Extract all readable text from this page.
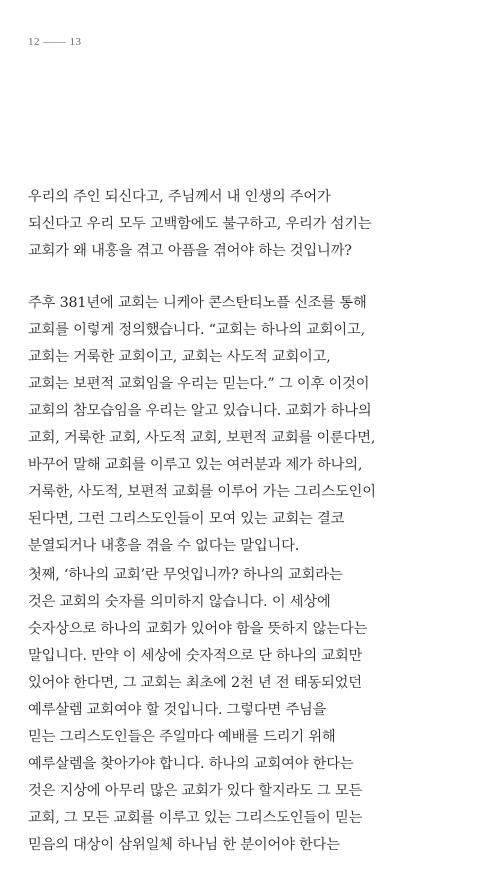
12 —— 13
우리의 주인 되신다고, 주님께서 내 인생의 주어가
되신다고 우리 모두 고백함에도 불구하고, 우리가 섬기는
교회가 왜 내홍을 겪고 아픔을 겪어야 하는 것입니까?
주후 381년에 교회는 니케아 콘스탄티노플 신조를 통해
교회를 이렇게 정의했습니다. “교회는 하나의 교회이고,
교회는 거룩한 교회이고, 교회는 사도적 교회이고,
교회는 보편적 교회임을 우리는 믿는다.” 그 이후 이것이
교회의 참모습임을 우리는 알고 있습니다. 교회가 하나의
교회, 거룩한 교회, 사도적 교회, 보편적 교회를 이룬다면,
바꾸어 말해 교회를 이루고 있는 여러분과 제가 하나의,
거룩한, 사도적, 보편적 교회를 이루어 가는 그리스도인이
된다면, 그런 그리스도인들이 모여 있는 교회는 결코
분열되거나 내홍을 겪을 수 없다는 말입니다.
첫째, ‘하나의 교회’란 무엇입니까? 하나의 교회라는
것은 교회의 숫자를 의미하지 않습니다. 이 세상에
숫자상으로 하나의 교회가 있어야 함을 뜻하지 않는다는
말입니다. 만약 이 세상에 숫자적으로 단 하나의 교회만
있어야 한다면, 그 교회는 최초에 2천 년 전 태동되었던
예루살렘 교회여야 할 것입니다. 그렇다면 주님을
믿는 그리스도인들은 주일마다 예배를 드리기 위해
예루살렘을 찾아가야 합니다. 하나의 교회여야 한다는
것은 지상에 아무리 많은 교회가 있다 할지라도 그 모든
교회, 그 모든 교회를 이루고 있는 그리스도인들이 믿는
믿음의 대상이 삼위일체 하나님 한 분이어야 한다는
